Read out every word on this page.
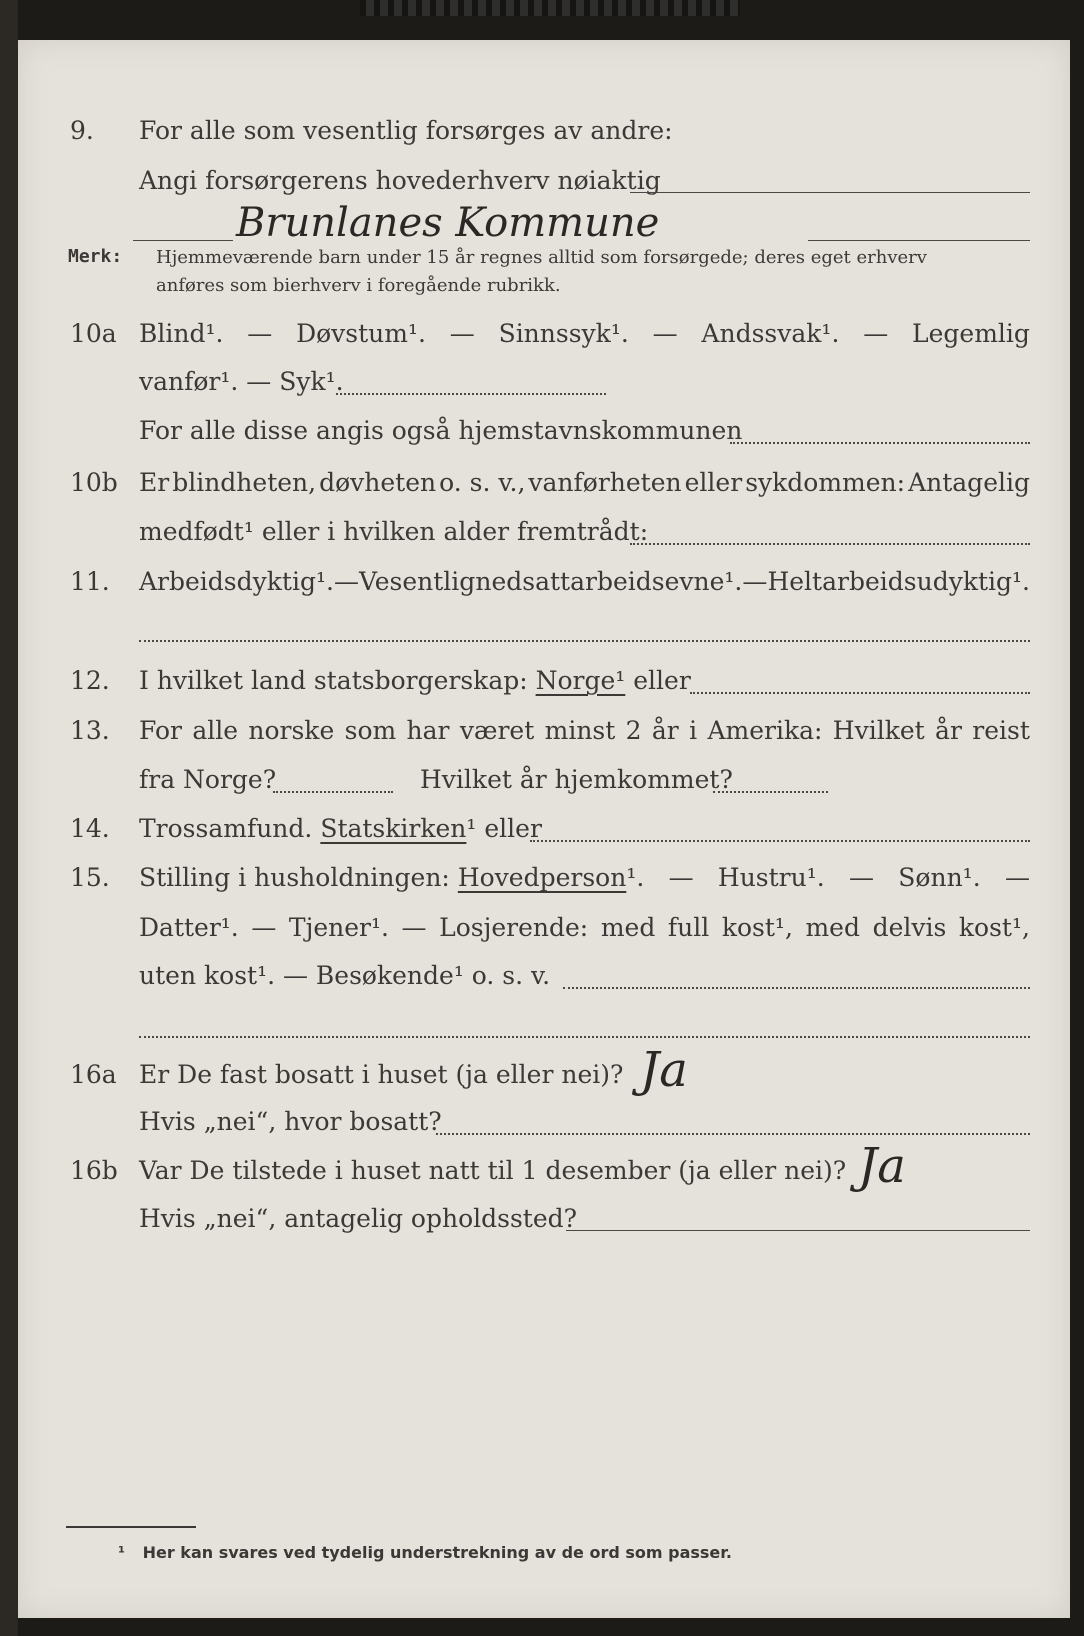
9. For alle som vesentlig forsørges av andre:
Angi forsørgerens hovederhverv nøiaktig
Brunlanes Kommune
Merk: Hjemmeværende barn under 15 år regnes alltid som forsørgede; deres eget erhverv
anføres som bierhverv i foregående rubrikk.
10a Blind¹. — Døvstum¹. — Sinnssyk¹. — Andssvak¹. — Legemlig
vanfør¹. — Syk¹.
For alle disse angis også hjemstavnskommunen
10b Er blindheten, døvheten o. s. v., vanførheten eller sykdommen: Antagelig
medfødt¹ eller i hvilken alder fremtrådt:
11. Arbeidsdyktig¹. — Vesentlig nedsatt arbeidsevne¹. — Helt arbeidsudyktig¹.
12. I hvilket land statsborgerskap: Norge¹ eller
13. For alle norske som har været minst 2 år i Amerika: Hvilket år reist
fra Norge?	Hvilket år hjemkommet?
14. Trossamfund. Statskirken¹ eller
15. Stilling i husholdningen: Hovedperson¹. — Hustru¹. — Sønn¹. —
Datter¹. — Tjener¹. — Losjerende: med full kost¹, med delvis kost¹,
uten kost¹. — Besøkende¹ o. s. v.
16a Er De fast bosatt i huset (ja eller nei)? Ja
Hvis „nei“, hvor bosatt?
16b Var De tilstede i huset natt til 1 desember (ja eller nei)? Ja
Hvis „nei“, antagelig opholdssted?
¹ Her kan svares ved tydelig understrekning av de ord som passer.
